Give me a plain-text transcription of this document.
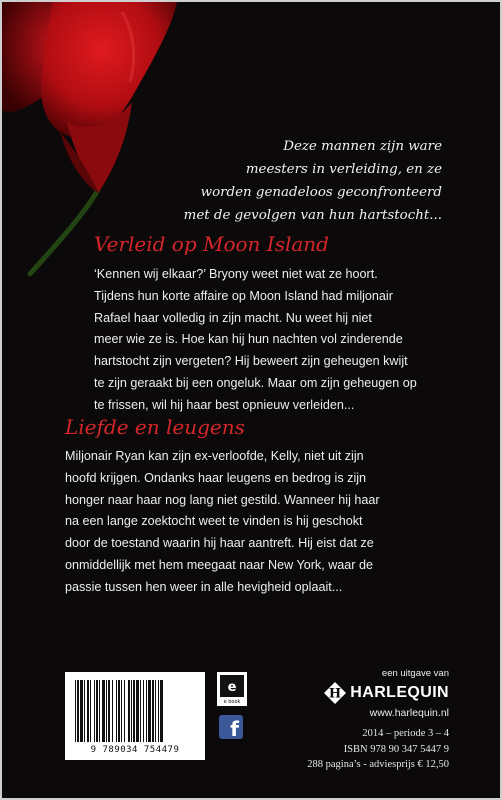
Deze mannen zijn ware
meesters in verleiding, en ze
worden genadeloos geconfronteerd
met de gevolgen van hun hartstocht...
Verleid op Moon Island
‘Kennen wij elkaar?’ Bryony weet niet wat ze hoort.
Tijdens hun korte affaire op Moon Island had miljonair
Rafael haar volledig in zijn macht. Nu weet hij niet
meer wie ze is. Hoe kan hij hun nachten vol zinderende
hartstocht zijn vergeten? Hij beweert zijn geheugen kwijt
te zijn geraakt bij een ongeluk. Maar om zijn geheugen op
te frissen, wil hij haar best opnieuw verleiden...
Liefde en leugens
Miljonair Ryan kan zijn ex-verloofde, Kelly, niet uit zijn
hoofd krijgen. Ondanks haar leugens en bedrog is zijn
honger naar haar nog lang niet gestild. Wanneer hij haar
na een lange zoektocht weet te vinden is hij geschokt
door de toestand waarin hij haar aantreft. Hij eist dat ze
onmiddellijk met hem meegaat naar New York, waar de
passie tussen hen weer in alle hevigheid oplaait...
9 789034 754479
e
e book
f
een uitgave van
H HARLEQUIN
www.harlequin.nl
2014 – periode 3 – 4
ISBN 978 90 347 5447 9
288 pagina’s - adviesprijs € 12,50
